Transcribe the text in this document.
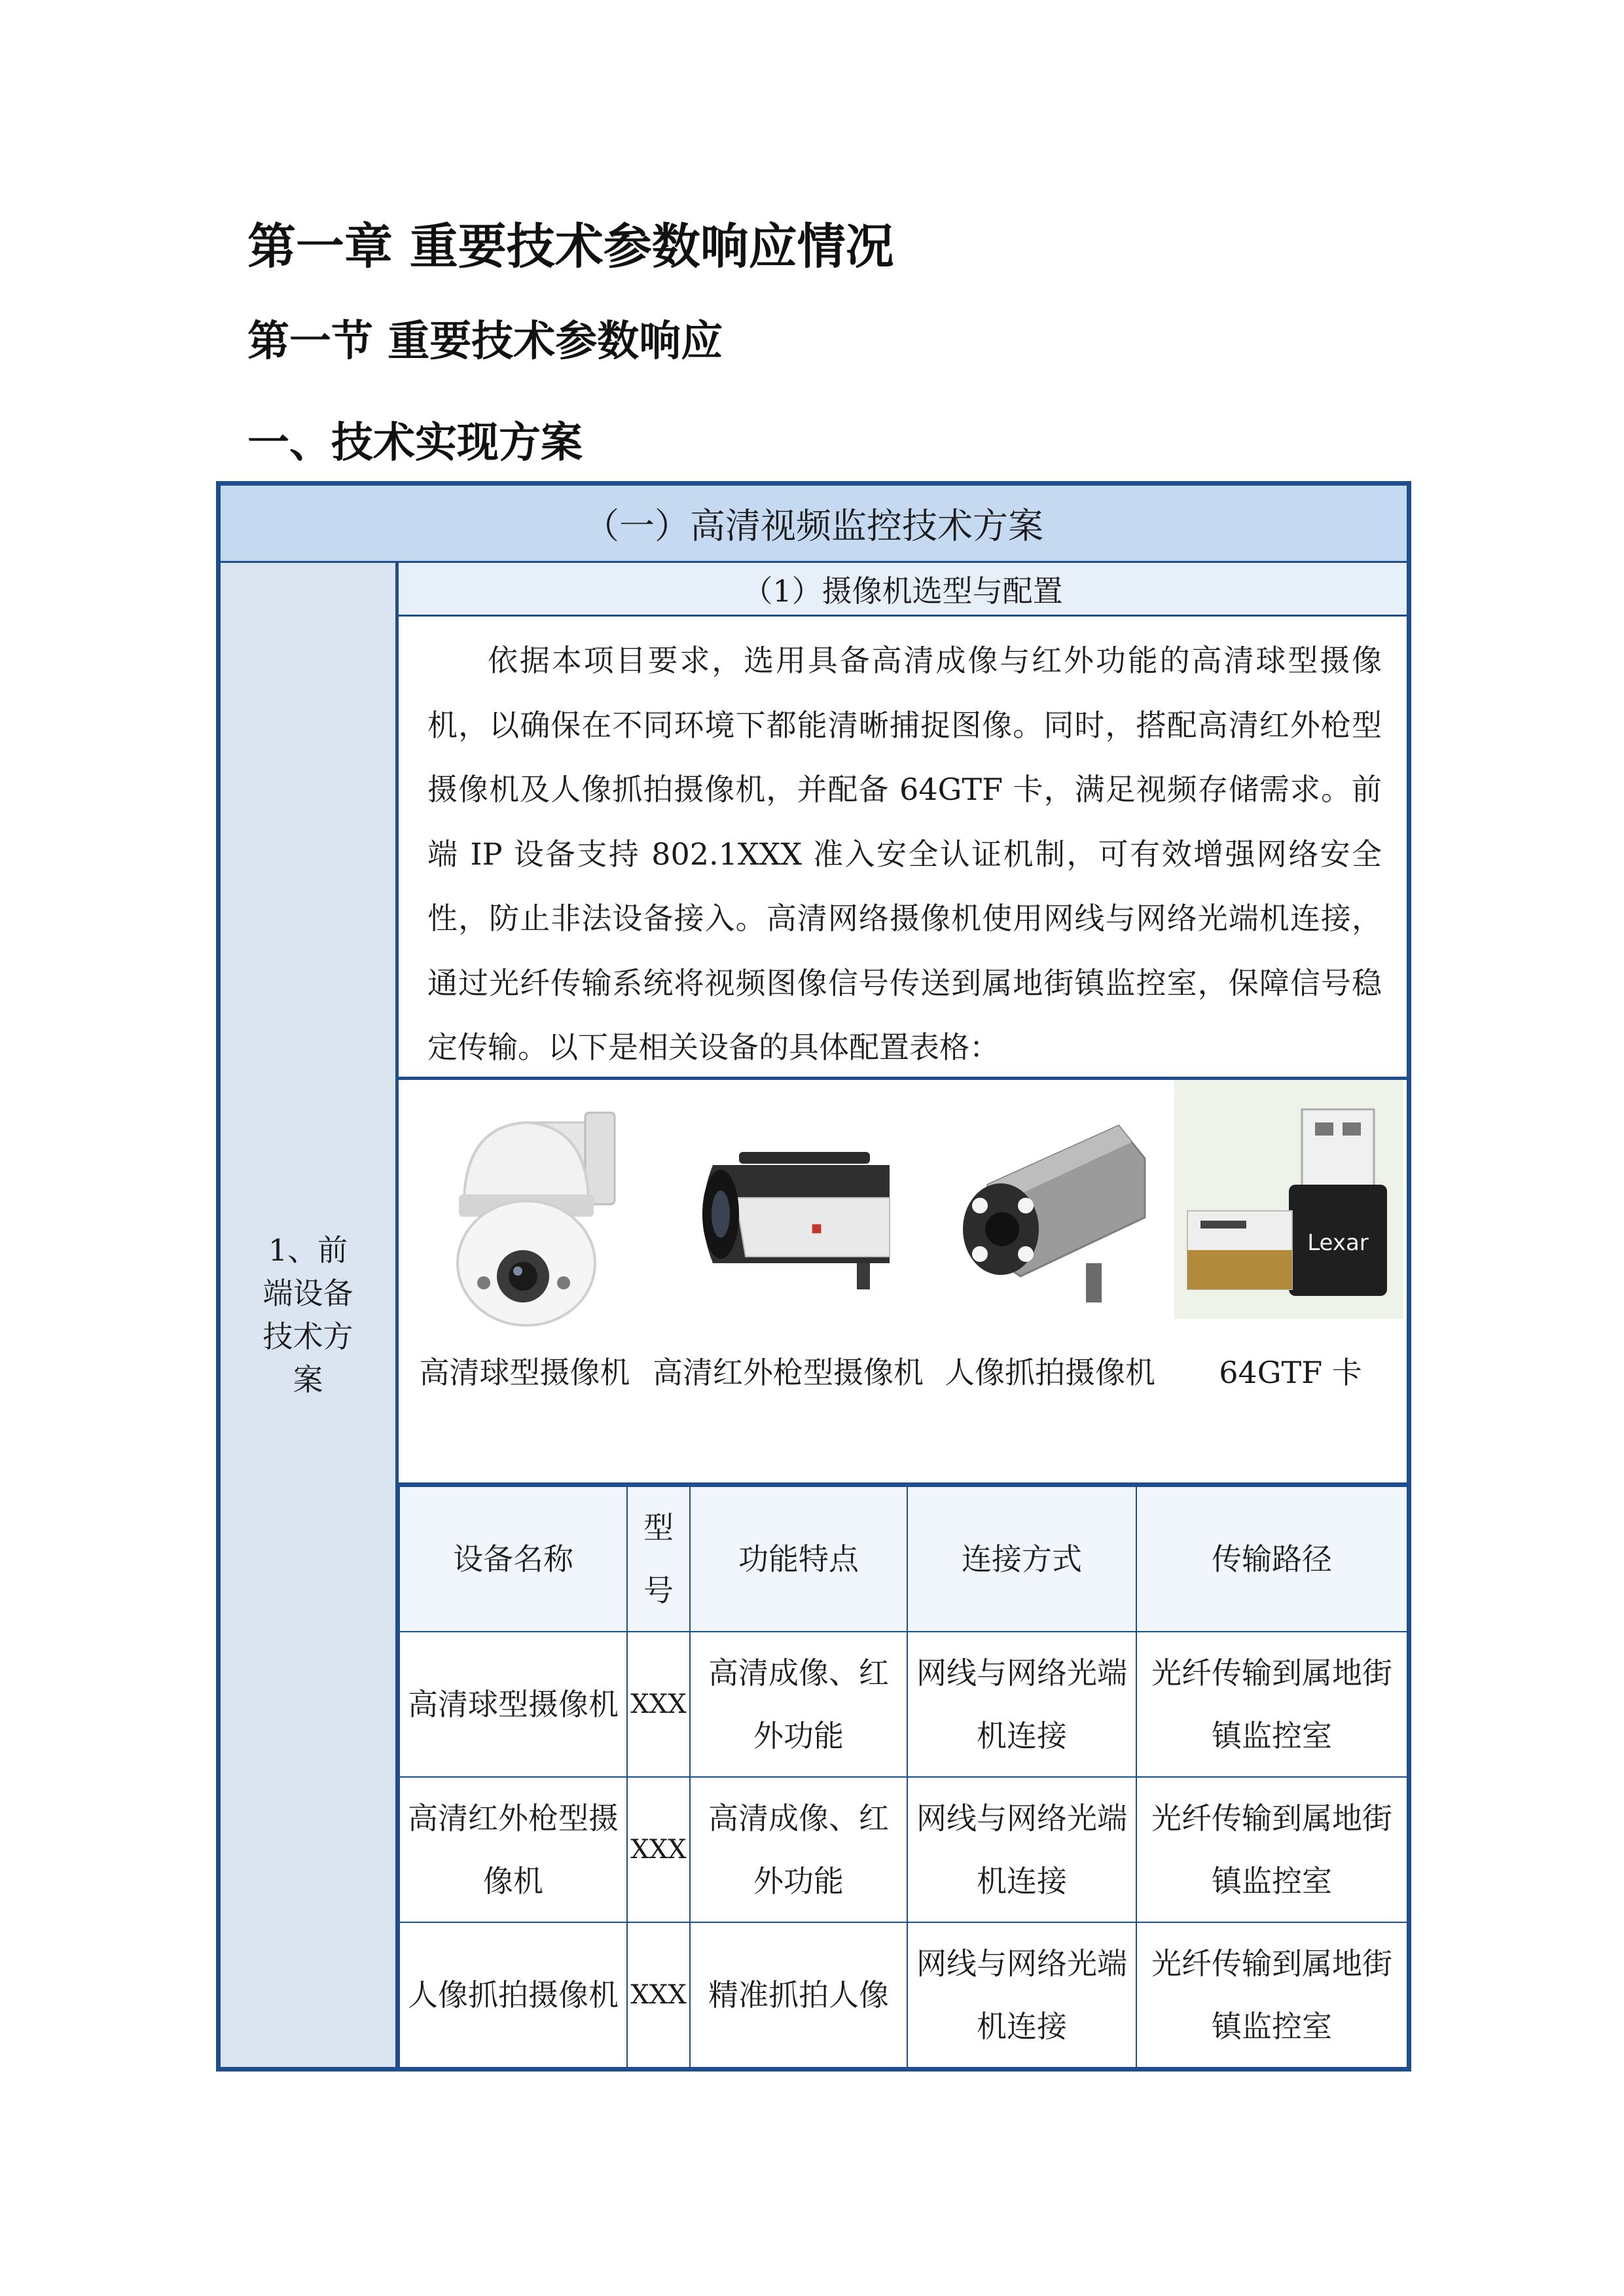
第一章 重要技术参数响应情况
第一节 重要技术参数响应
一、技术实现方案
（一）高清视频监控技术方案
1、前端设备技术方案
（1）摄像机选型与配置

依据本项目要求，选用具备高清成像与红外功能的高清球型摄像机，以确保在不同环境下都能清晰捕捉图像。同时，搭配高清红外枪型摄像机及人像抓拍摄像机，并配备 64GTF 卡，满足视频存储需求。前端 IP 设备支持 802.1XXX 准入安全认证机制，可有效增强网络安全性，防止非法设备接入。高清网络摄像机使用网线与网络光端机连接，通过光纤传输系统将视频图像信号传送到属地街镇监控室，保障信号稳定传输。以下是相关设备的具体配置表格：

■
Lexar
高清球型摄像机 高清红外枪型摄像机 人像抓拍摄像机	64GTF 卡
设备名称	型号	功能特点	连接方式	传输路径
高清球型摄像机	XXX	高清成像、红外功能	网线与网络光端机连接	光纤传输到属地街镇监控室
高清红外枪型摄像机	XXX	高清成像、红外功能	网线与网络光端机连接	光纤传输到属地街镇监控室
人像抓拍摄像机	XXX	精准抓拍人像	网线与网络光端机连接	光纤传输到属地街镇监控室
